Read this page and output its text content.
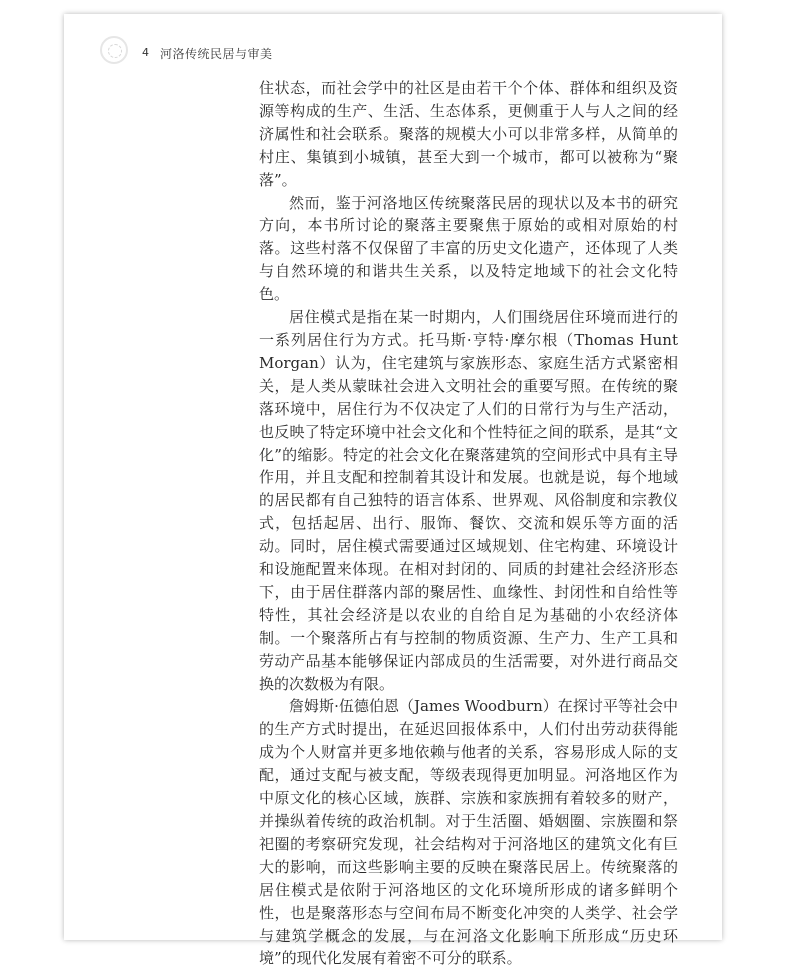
4 河洛传统民居与审美

住状态，而社会学中的社区是由若干个个体、群体和组织及资源等构成的生产、生活、生态体系，更侧重于人与人之间的经济属性和社会联系。聚落的规模大小可以非常多样，从简单的村庄、集镇到小城镇，甚至大到一个城市，都可以被称为“聚落”。

然而，鉴于河洛地区传统聚落民居的现状以及本书的研究方向，本书所讨论的聚落主要聚焦于原始的或相对原始的村落。这些村落不仅保留了丰富的历史文化遗产，还体现了人类与自然环境的和谐共生关系，以及特定地域下的社会文化特色。

居住模式是指在某一时期内，人们围绕居住环境而进行的一系列居住行为方式。托马斯·亨特·摩尔根（Thomas Hunt Morgan）认为，住宅建筑与家族形态、家庭生活方式紧密相关，是人类从蒙昧社会进入文明社会的重要写照。在传统的聚落环境中，居住行为不仅决定了人们的日常行为与生产活动，也反映了特定环境中社会文化和个性特征之间的联系，是其“文化”的缩影。特定的社会文化在聚落建筑的空间形式中具有主导作用，并且支配和控制着其设计和发展。也就是说，每个地域的居民都有自己独特的语言体系、世界观、风俗制度和宗教仪式，包括起居、出行、服饰、餐饮、交流和娱乐等方面的活动。同时，居住模式需要通过区域规划、住宅构建、环境设计和设施配置来体现。在相对封闭的、同质的封建社会经济形态下，由于居住群落内部的聚居性、血缘性、封闭性和自给性等特性，其社会经济是以农业的自给自足为基础的小农经济体制。一个聚落所占有与控制的物质资源、生产力、生产工具和劳动产品基本能够保证内部成员的生活需要，对外进行商品交换的次数极为有限。

詹姆斯·伍德伯恩（James Woodburn）在探讨平等社会中的生产方式时提出，在延迟回报体系中，人们付出劳动获得能成为个人财富并更多地依赖与他者的关系，容易形成人际的支配，通过支配与被支配，等级表现得更加明显。河洛地区作为中原文化的核心区域，族群、宗族和家族拥有着较多的财产，并操纵着传统的政治机制。对于生活圈、婚姻圈、宗族圈和祭祀圈的考察研究发现，社会结构对于河洛地区的建筑文化有巨大的影响，而这些影响主要的反映在聚落民居上。传统聚落的居住模式是依附于河洛地区的文化环境所形成的诸多鲜明个性，也是聚落形态与空间布局不断变化冲突的人类学、社会学与建筑学概念的发展，与在河洛文化影响下所形成“历史环境”的现代化发展有着密不可分的联系。
